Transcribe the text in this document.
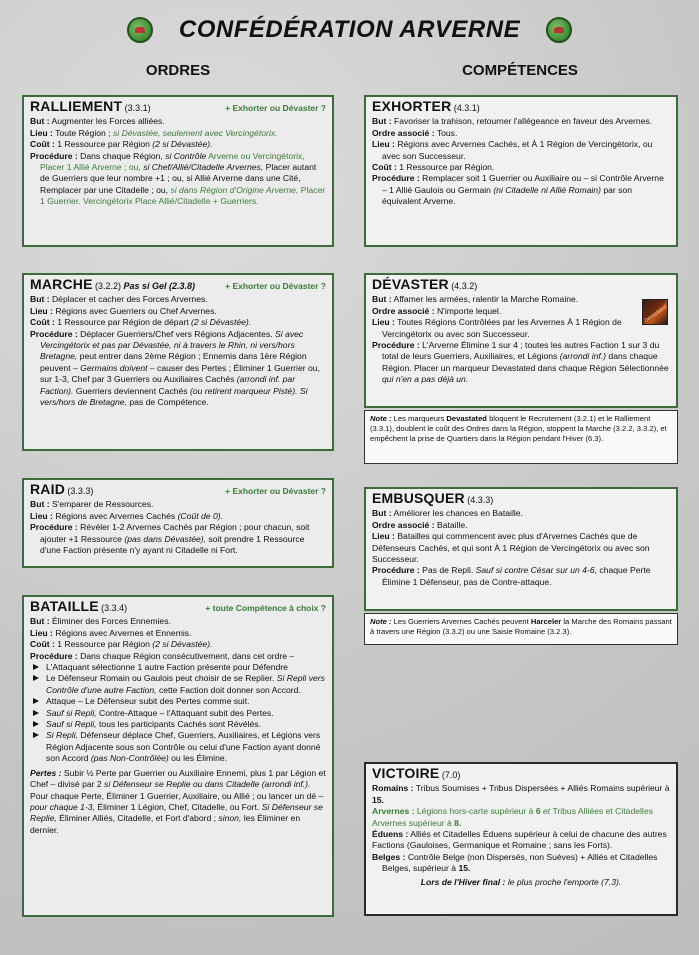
CONFÉDÉRATION ARVERNE
ORDRES	COMPÉTENCES
RALLIEMENT (3.3.1)	+ Exhorter ou Dévaster ?

But : Augmenter les Forces alliées.

Lieu : Toute Région ; si Dévastée, seulement avec Vercingétorix.

Coût : 1 Ressource par Région (2 si Dévastée).

Procédure : Dans chaque Région, si Contrôle Arverne ou Vercingétorix, Placer 1 Allié Arverne ; ou, si Chef/Allié/Citadelle Arvernes, Placer autant de Guerriers que leur nombre +1 ; ou, si Allié Arverne dans une Cité, Remplacer par une Citadelle ; ou, si dans Région d'Origine Arverne, Placer 1 Guerrier. Vercingétorix Place Allié/Citadelle + Guerriers.

MARCHE (3.2.2) Pas si Gel (2.3.8)	+ Exhorter ou Dévaster ?

But : Déplacer et cacher des Forces Arvernes.

Lieu : Régions avec Guerriers ou Chef Arvernes.

Coût : 1 Ressource par Région de départ (2 si Dévastée).

Procédure : Déplacer Guerriers/Chef vers Régions Adjacentes. Si avec Vercingétorix et pas par Dévastée, ni à travers le Rhin, ni vers/hors Bretagne, peut entrer dans 2ème Région ; Ennemis dans 1ère Région peuvent – Germains doivent – causer des Pertes ; Éliminer 1 Guerrier ou, sur 1-3, Chef par 3 Guerriers ou Auxiliaires Cachés (arrondi inf. par Faction). Guerriers deviennent Cachés (ou retirent marqueur Pisté). Si vers/hors de Bretagne, pas de Compétence.

RAID (3.3.3)	+ Exhorter ou Dévaster ?

But : S'emparer de Ressources.

Lieu : Régions avec Arvernes Cachés (Coût de 0).

Procédure : Révéler 1-2 Arvernes Cachés par Région ; pour chacun, soit ajouter +1 Ressource (pas dans Dévastée), soit prendre 1 Ressource d'une Faction présente n'y ayant ni Citadelle ni Fort.

BATAILLE (3.3.4)	+ toute Compétence à choix ?

But : Éliminer des Forces Ennemies.

Lieu : Régions avec Arvernes et Ennemis.

Coût : 1 Ressource par Région (2 si Dévastée).

Procédure : Dans chaque Région consécutivement, dans cet ordre –

L'Attaquant sélectionne 1 autre Faction présente pour Défendre

Le Défenseur Romain ou Gaulois peut choisir de se Replier. Si Repli vers Contrôle d'une autre Faction, cette Faction doit donner son Accord.

Attaque – Le Défenseur subit des Pertes comme suit.

Sauf si Repli, Contre-Attaque – l'Attaquant subit des Pertes.

Sauf si Repli, tous les participants Cachés sont Révélés.

Si Repli, Défenseur déplace Chef, Guerriers, Auxiliaires, et Légions vers Région Adjacente sous son Contrôle ou celui d'une Faction ayant donné son Accord (pas Non-Contrôlée) ou les Élimine.

Pertes : Subir ½ Perte par Guerrier ou Auxiliaire Ennemi, plus 1 par Légion et Chef – divisé par 2 si Défenseur se Replie ou dans Citadelle (arrondi inf.). Pour chaque Perte, Éliminer 1 Guerrier, Auxiliaire, ou Allié ; ou lancer un dé – pour chaque 1-3, Éliminer 1 Légion, Chef, Citadelle, ou Fort. Si Défenseur se Replie, Éliminer Alliés, Citadelle, et Fort d'abord ; sinon, les Éliminer en dernier.

EXHORTER (4.3.1)

But : Favoriser la trahison, retourner l'allégeance en faveur des Arvernes.

Ordre associé : Tous.

Lieu : Régions avec Arvernes Cachés, et À 1 Région de Vercingétorix, ou avec son Successeur.

Coût : 1 Ressource par Région.

Procédure : Remplacer soit 1 Guerrier ou Auxiliaire ou – si Contrôle Arverne – 1 Allié Gaulois ou Germain (ni Citadelle ni Allié Romain) par son équivalent Arverne.

DÉVASTER (4.3.2)
Devastated

But : Affamer les armées, ralentir la Marche Romaine.

Ordre associé : N'importe lequel.

Lieu : Toutes Régions Contrôlées par les Arvernes À 1 Région de Vercingétorix ou avec son Successeur.

Procédure : L'Arverne Élimine 1 sur 4 ; toutes les autres Faction 1 sur 3 du total de leurs Guerriers, Auxiliaires, et Légions (arrondi inf.) dans chaque Région. Placer un marqueur Devastated dans chaque Région Sélectionnée qui n'en a pas déjà un.

Note : Les marqueurs Devastated bloquent le Recrutement (3.2.1) et le Ralliement (3.3.1), doublent le coût des Ordres dans la Région, stoppent la Marche (3.2.2, 3.3.2), et empêchent la prise de Quartiers dans la Région pendant l'Hiver (6.3).
EMBUSQUER (4.3.3)

But : Améliorer les chances en Bataille.

Ordre associé : Bataille.

Lieu : Batailles qui commencent avec plus d'Arvernes Cachés que de Défenseurs Cachés, et qui sont À 1 Région de Vercingétorix ou avec son Successeur.

Procédure : Pas de Repli. Sauf si contre César sur un 4-6, chaque Perte Élimine 1 Défenseur, pas de Contre-attaque.

Note : Les Guerriers Arvernes Cachés peuvent Harceler la Marche des Romains passant à travers une Région (3.3.2) ou une Saisie Romaine (3.2.3).
VICTOIRE (7.0)

Romains : Tribus Soumises + Tribus Dispersées + Alliés Romains supérieur à 15.

Arvernes : Légions hors-carte supérieur à 6 et Tribus Alliées et Citadelles Arvernes supérieur à 8.

Éduens : Alliés et Citadelles Éduens supérieur à celui de chacune des autres Factions (Gauloises, Germanique et Romaine ; sans les Forts).

Belges : Contrôle Belge (non Dispersés, non Suèves) + Alliés et Citadelles Belges, supérieur à 15.

Lors de l'Hiver final : le plus proche l'emporte (7.3).
